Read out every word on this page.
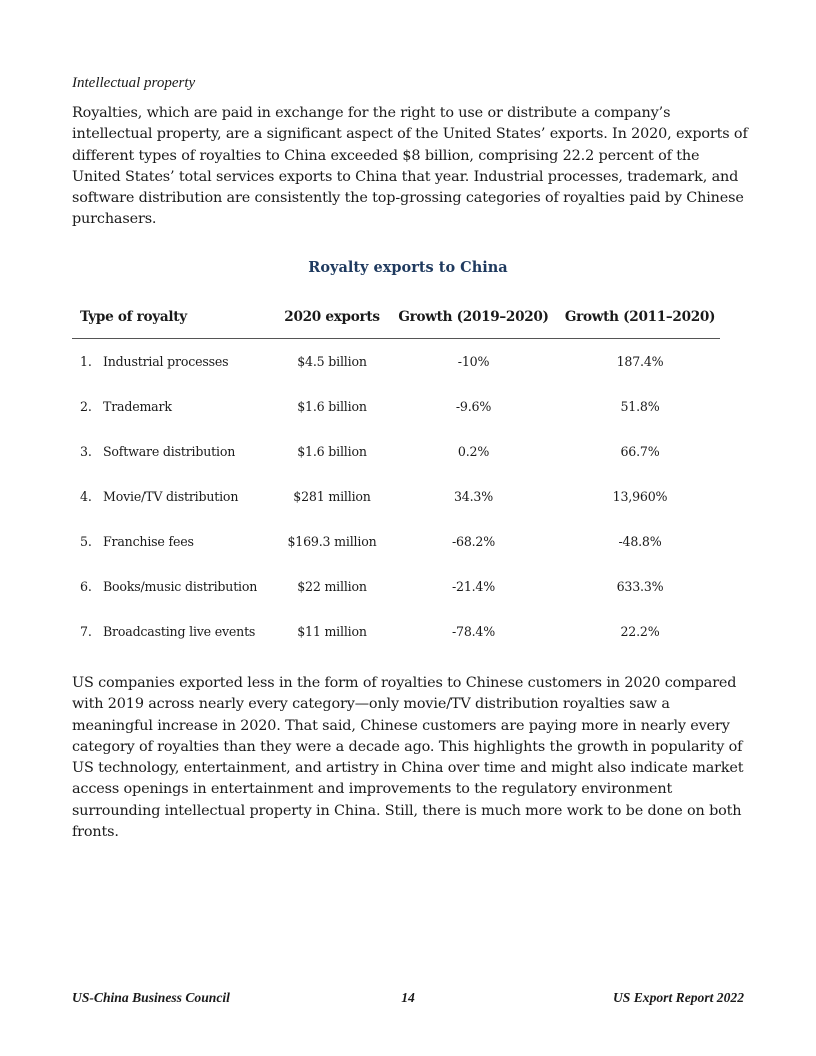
Intellectual property
Royalties, which are paid in exchange for the right to use or distribute a company’s intellectual property, are a significant aspect of the United States’ exports. In 2020, exports of different types of royalties to China exceeded $8 billion, comprising 22.2 percent of the United States’ total services exports to China that year. Industrial processes, trademark, and software distribution are consistently the top-grossing categories of royalties paid by Chinese purchasers.
Royalty exports to China
Type of royalty	2020 exports	Growth (2019–2020)	Growth (2011–2020)
1. Industrial processes	$4.5 billion	-10%	187.4%
2. Trademark	$1.6 billion	-9.6%	51.8%
3. Software distribution	$1.6 billion	0.2%	66.7%
4. Movie/TV distribution	$281 million	34.3%	13,960%
5. Franchise fees	$169.3 million	-68.2%	-48.8%
6. Books/music distribution	$22 million	-21.4%	633.3%
7. Broadcasting live events	$11 million	-78.4%	22.2%
US companies exported less in the form of royalties to Chinese customers in 2020 compared with 2019 across nearly every category—only movie/TV distribution royalties saw a meaningful increase in 2020. That said, Chinese customers are paying more in nearly every category of royalties than they were a decade ago. This highlights the growth in popularity of US technology, entertainment, and artistry in China over time and might also indicate market access openings in entertainment and improvements to the regulatory environment surrounding intellectual property in China. Still, there is much more work to be done on both fronts.
US-China Business Council	14	US Export Report 2022
